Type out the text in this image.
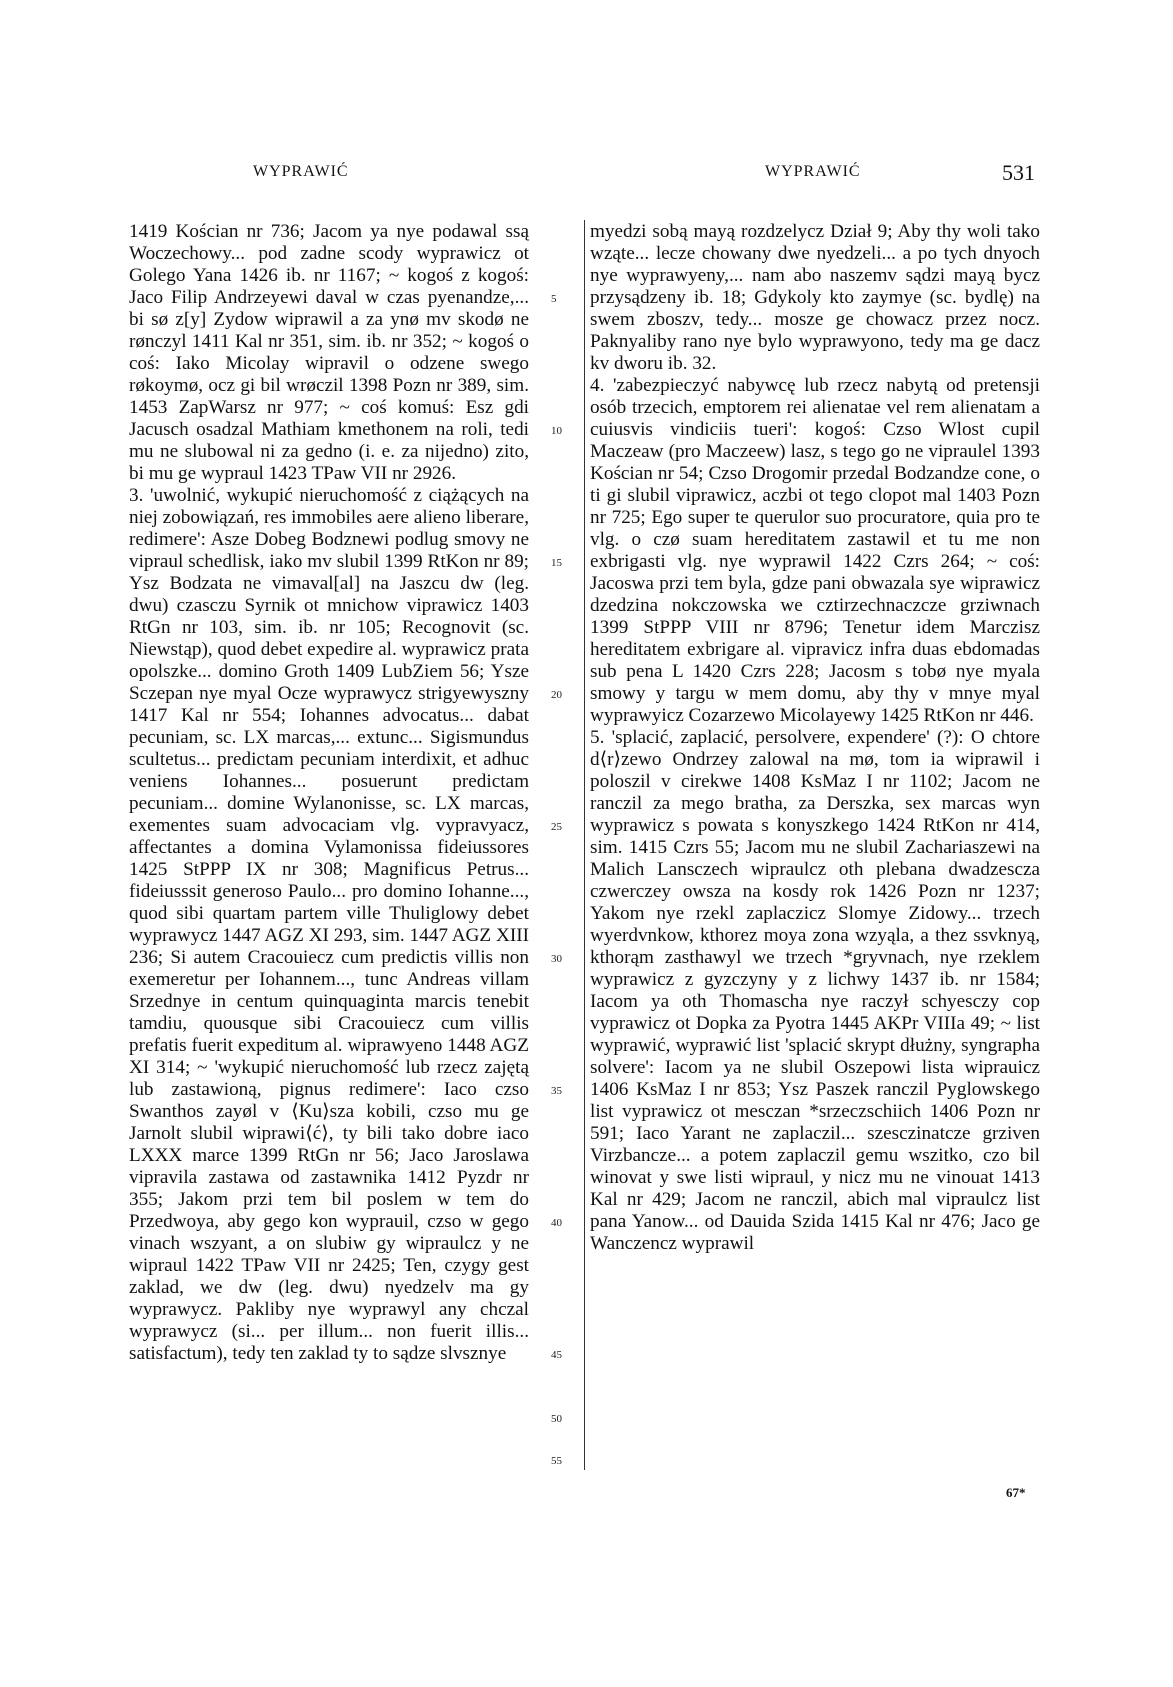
WYPRAWIĆ	WYPRAWIĆ	531
1419 Kościan nr 736; Jacom ya nye podawal ssą Woczechowy... pod zadne scody wyprawicz ot Golego Yana 1426 ib. nr 1167; ~ kogoś z kogoś: Jaco Filip Andrzeyewi daval w czas pyenandze,... bi sø z[y] Zydow wiprawil a za ynø mv skodø ne rønczyl 1411 Kal nr 351, sim. ib. nr 352; ~ kogoś o coś: Iako Micolay wipravil o odzene swego røkoymø, ocz gi bil wrøczil 1398 Pozn nr 389, sim. 1453 ZapWarsz nr 977; ~ coś komuś: Esz gdi Jacusch osadzal Mathiam kmethonem na roli, tedi mu ne slubowal ni za gedno (i. e. za nijedno) zito, bi mu ge wypraul 1423 TPaw VII nr 2926.
3. 'uwolnić, wykupić nieruchomość z ciążących na niej zobowiązań, res immobiles aere alieno liberare, redimere': Asze Dobeg Bodznewi podlug smovy ne vipraul schedlisk, iako mv slubil 1399 RtKon nr 89; Ysz Bodzata ne vimaval[al] na Jaszcu dw (leg. dwu) czasczu Syrnik ot mnichow viprawicz 1403 RtGn nr 103, sim. ib. nr 105; Recognovit (sc. Niewstąp), quod debet expedire al. wyprawicz prata opolszke... domino Groth 1409 LubZiem 56; Ysze Sczepan nye myal Ocze wyprawycz strigyewyszny 1417 Kal nr 554; Iohannes advocatus... dabat pecuniam, sc. LX marcas,... extunc... Sigismundus scultetus... predictam pecuniam interdixit, et adhuc veniens Iohannes... posuerunt predictam pecuniam... domine Wylanonisse, sc. LX marcas, exementes suam advocaciam vlg. vypravyacz, affectantes a domina Vylamonissa fideiussores 1425 StPPP IX nr 308; Magnificus Petrus... fideiusssit generoso Paulo... pro domino Iohanne..., quod sibi quartam partem ville Thuliglowy debet wyprawycz 1447 AGZ XI 293, sim. 1447 AGZ XIII 236; Si autem Cracouiecz cum predictis villis non exemeretur per Iohannem..., tunc Andreas villam Srzednye in centum quinquaginta marcis tenebit tamdiu, quousque sibi Cracouiecz cum villis prefatis fuerit expeditum al. wiprawyeno 1448 AGZ XI 314; ~ 'wykupić nieruchomość lub rzecz zajętą lub zastawioną, pignus redimere': Iaco czso Swanthos zayøl v ⟨Ku⟩sza kobili, czso mu ge Jarnolt slubil wiprawi⟨ć⟩, ty bili tako dobre iaco LXXX marce 1399 RtGn nr 56; Jaco Jaroslawa vipravila zastawa od zastawnika 1412 Pyzdr nr 355; Jakom przi tem bil poslem w tem do Przedwoya, aby gego kon wyprauil, czso w gego vinach wszyant, a on slubiw gy wipraulcz y ne wipraul 1422 TPaw VII nr 2425; Ten, czygy gest zaklad, we dw (leg. dwu) nyedzelv ma gy wyprawycz. Pakliby nye wyprawyl any chczal wyprawycz (si... per illum... non fuerit illis... satisfactum), tedy ten zaklad ty to sądze slvsznye
myedzi sobą mayą rozdzelycz Dział 9; Aby thy woli tako wząte... lecze chowany dwe nyedzeli... a po tych dnyoch nye wyprawyeny,... nam abo naszemv sądzi mayą bycz przysądzeny ib. 18; Gdykoly kto zaymye (sc. bydlę) na swem zboszv, tedy... mosze ge chowacz przez nocz. Paknyaliby rano nye bylo wyprawyono, tedy ma ge dacz kv dworu ib. 32.
4. 'zabezpieczyć nabywcę lub rzecz nabytą od pretensji osób trzecich, emptorem rei alienatae vel rem alienatam a cuiusvis vindiciis tueri': kogoś: Czso Wlost cupil Maczeaw (pro Maczeew) lasz, s tego go ne vipraulel 1393 Kościan nr 54; Czso Drogomir przedal Bodzandze cone, o ti gi slubil viprawicz, aczbi ot tego clopot mal 1403 Pozn nr 725; Ego super te querulor suo procuratore, quia pro te vlg. o czø suam hereditatem zastawil et tu me non exbrigasti vlg. nye wyprawil 1422 Czrs 264; ~ coś: Jacoswa przi tem byla, gdze pani obwazala sye wiprawicz dzedzina nokczowska we cztirzechnaczcze grziwnach 1399 StPPP VIII nr 8796; Tenetur idem Marczisz hereditatem exbrigare al. vipravicz infra duas ebdomadas sub pena L 1420 Czrs 228; Jacosm s tobø nye myala smowy y targu w mem domu, aby thy v mnye myal wyprawyicz Cozarzewo Micolayewy 1425 RtKon nr 446.
5. 'splacić, zaplacić, persolvere, expendere' (?): O chtore d⟨r⟩zewo Ondrzey zalowal na mø, tom ia wiprawil i poloszil v cirekwe 1408 KsMaz I nr 1102; Jacom ne ranczil za mego bratha, za Derszka, sex marcas wyn wyprawicz s powata s konyszkego 1424 RtKon nr 414, sim. 1415 Czrs 55; Jacom mu ne slubil Zachariaszewi na Malich Lansczech wipraulcz oth plebana dwadzescza czwerczey owsza na kosdy rok 1426 Pozn nr 1237; Yakom nye rzekl zaplaczicz Slomye Zidowy... trzech wyerdvnkow, kthorez moya zona wzyąla, a thez ssvknyą, kthorąm zasthawyl we trzech *gryvnach, nye rzeklem wyprawicz z gyzczyny y z lichwy 1437 ib. nr 1584; Iacom ya oth Thomascha nye raczył schyesczy cop vyprawicz ot Dopka za Pyotra 1445 AKPr VIIIa 49; ~ list wyprawić, wyprawić list 'splacić skrypt dłużny, syngrapha solvere': Iacom ya ne slubil Oszepowi lista wiprauicz 1406 KsMaz I nr 853; Ysz Paszek ranczil Pyglowskego list vyprawicz ot mesczan *srzeczschiich 1406 Pozn nr 591; Iaco Yarant ne zaplaczil... szesczinatcze grziven Virzbancze... a potem zaplaczil gemu wszitko, czo bil winovat y swe listi wipraul, y nicz mu ne vinouat 1413 Kal nr 429; Jacom ne ranczil, abich mal vipraulcz list pana Yanow... od Dauida Szida 1415 Kal nr 476; Jaco ge Wanczencz wyprawil
5
10
15
20
25
30
35
40
45
50
55
67*
